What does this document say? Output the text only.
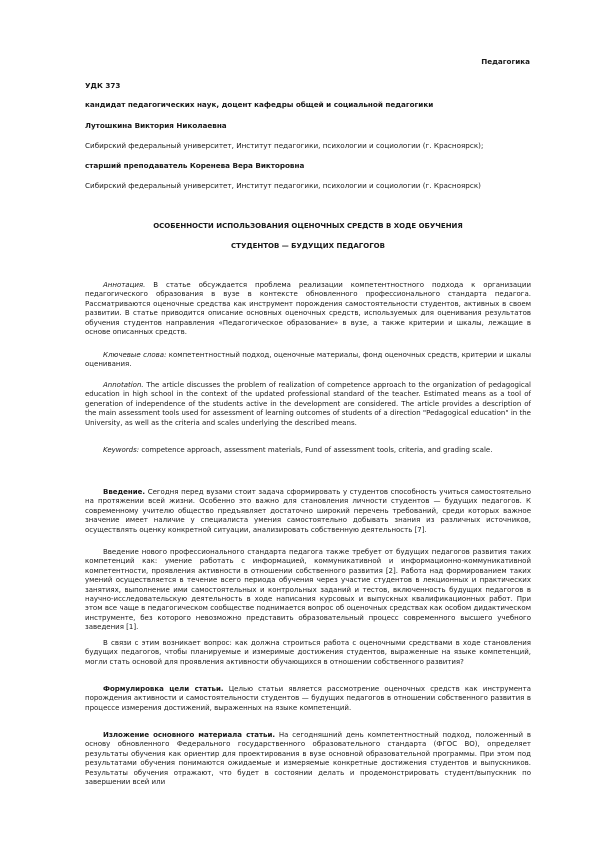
Педагогика
УДК 373
кандидат педагогических наук, доцент кафедры общей и социальной педагогики
Лутошкина Виктория Николаевна
Сибирский федеральный университет, Институт педагогики, психологии и социологии (г. Красноярск);
старший преподаватель Коренева Вера Викторовна
Сибирский федеральный университет, Институт педагогики, психологии и социологии (г. Красноярск)
ОСОБЕННОСТИ ИСПОЛЬЗОВАНИЯ ОЦЕНОЧНЫХ СРЕДСТВ В ХОДЕ ОБУЧЕНИЯ
СТУДЕНТОВ — БУДУЩИХ ПЕДАГОГОВ

Аннотация. В статье обсуждается проблема реализации компетентностного подхода к организации педагогического образования в вузе в контексте обновленного профессионального стандарта педагога. Рассматриваются оценочные средства как инструмент порождения самостоятельности студентов, активных в своем развитии. В статье приводится описание основных оценочных средств, используемых для оценивания результатов обучения студентов направления «Педагогическое образование» в вузе, а также критерии и шкалы, лежащие в основе описанных средств.

Ключевые слова: компетентностный подход, оценочные материалы, фонд оценочных средств, критерии и шкалы оценивания.

Annotation. The article discusses the problem of realization of competence approach to the organization of pedagogical education in high school in the context of the updated professional standard of the teacher. Estimated means as a tool of generation of independence of the students active in the development are considered. The article provides a description of the main assessment tools used for assessment of learning outcomes of students of a direction "Pedagogical education" in the University, as well as the criteria and scales underlying the described means.

Keywords: competence approach, assessment materials, Fund of assessment tools, criteria, and grading scale.

Введение. Сегодня перед вузами стоит задача сформировать у студентов способность учиться самостоятельно на протяжении всей жизни. Особенно это важно для становления личности студентов — будущих педагогов. К современному учителю общество предъявляет достаточно широкий перечень требований, среди которых важное значение имеет наличие у специалиста умения самостоятельно добывать знания из различных источников, осуществлять оценку конкретной ситуации, анализировать собственную деятельность [7].

Введение нового профессионального стандарта педагога также требует от будущих педагогов развития таких компетенций как: умение работать с информацией, коммуникативной и информационно-коммуникативной компетентности, проявления активности в отношении собственного развития [2]. Работа над формированием таких умений осуществляется в течение всего периода обучения через участие студентов в лекционных и практических занятиях, выполнение ими самостоятельных и контрольных заданий и тестов, включенность будущих педагогов в научно-исследовательскую деятельность в ходе написания курсовых и выпускных квалификационных работ. При этом все чаще в педагогическом сообществе поднимается вопрос об оценочных средствах как особом дидактическом инструменте, без которого невозможно представить образовательный процесс современного высшего учебного заведения [1].

В связи с этим возникает вопрос: как должна строиться работа с оценочными средствами в ходе становления будущих педагогов, чтобы планируемые и измеримые достижения студентов, выраженные на языке компетенций, могли стать основой для проявления активности обучающихся в отношении собственного развития?

Формулировка цели статьи. Целью статьи является рассмотрение оценочных средств как инструмента порождения активности и самостоятельности студентов — будущих педагогов в отношении собственного развития в процессе измерения достижений, выраженных на языке компетенций.

Изложение основного материала статьи. На сегодняшний день компетентностный подход, положенный в основу обновленного Федерального государственного образовательного стандарта (ФГОС ВО), определяет результаты обучения как ориентир для проектирования в вузе основной образовательной программы. При этом под результатами обучения понимаются ожидаемые и измеряемые конкретные достижения студентов и выпускников. Результаты обучения отражают, что будет в состоянии делать и продемонстрировать студент/выпускник по завершении всей или
